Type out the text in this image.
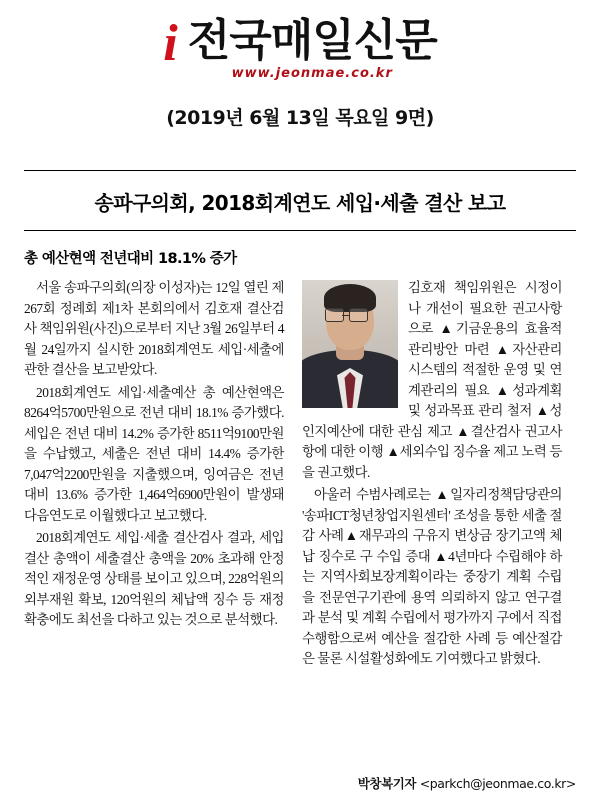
i 전국매일신문
www.jeonmae.co.kr
(2019년 6월 13일 목요일 9면)
송파구의회, 2018회계연도 세입·세출 결산 보고
총 예산현액 전년대비 18.1% 증가

서울 송파구의회(의장 이성자)는 12일 열린 제267회 정례회 제1차 본회의에서 김호재 결산검사 책임위원(사진)으로부터 지난 3월 26일부터 4월 24일까지 실시한 2018회계연도 세입·세출에 관한 결산을 보고받았다.

2018회계연도 세입·세출예산 총 예산현액은 8264억5700만원으로 전년 대비 18.1% 증가했다. 세입은 전년 대비 14.2% 증가한 8511억9100만원을 수납했고, 세출은 전년 대비 14.4% 증가한 7,047억2200만원을 지출했으며, 잉여금은 전년대비 13.6% 증가한 1,464억6900만원이 발생돼 다음연도로 이월했다고 보고했다.

2018회계연도 세입·세출 결산검사 결과, 세입결산 총액이 세출결산 총액을 20% 초과해 안정적인 재정운영 상태를 보이고 있으며, 228억원의 외부재원 확보, 120억원의 체납액 징수 등 재정 확충에도 최선을 다하고 있는 것으로 분석했다.

김호재 책임위원은 시정이나 개선이 필요한 권고사항으로 ▲기금운용의 효율적 관리방안 마련 ▲자산관리시스템의 적절한 운영 및 연계관리의 필요 ▲성과계획 및 성과목표 관리 철저 ▲성인지예산에 대한 관심 제고 ▲결산검사 권고사항에 대한 이행 ▲세외수입 징수율 제고 노력 등을 권고했다.

아울러 수범사례로는 ▲일자리정책담당관의 '송파ICT청년창업지원센터' 조성을 통한 세출 절감 사례▲재무과의 구유지 변상금 장기고액 체납 징수로 구 수입 증대 ▲4년마다 수립해야 하는 지역사회보장계획이라는 중장기 계획 수립을 전문연구기관에 용역 의뢰하지 않고 연구결과 분석 및 계획 수립에서 평가까지 구에서 직접 수행함으로써 예산을 절감한 사례 등 예산절감은 물론 시설활성화에도 기여했다고 밝혔다.

박창복기자 <parkch@jeonmae.co.kr>
